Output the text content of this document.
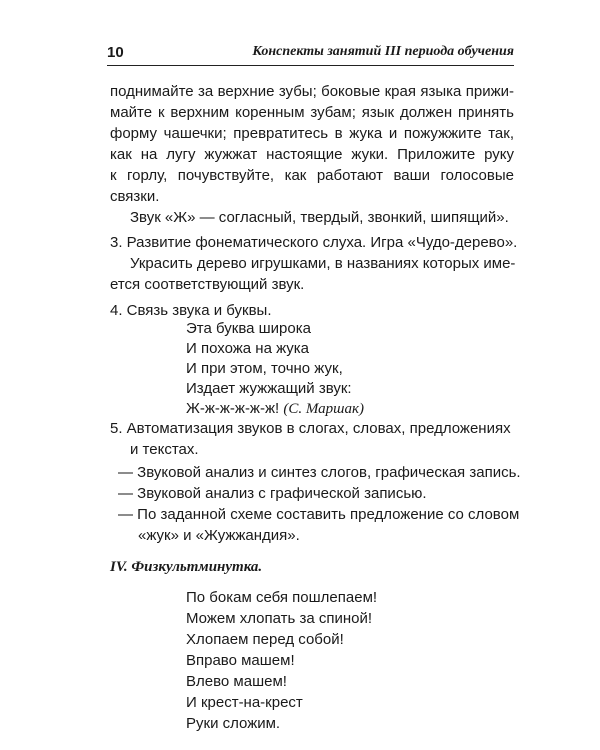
10	Конспекты занятий III периода обучения
поднимайте за верхние зубы; боковые края языка прижи-
майте к верхним коренным зубам; язык должен принять
форму чашечки; превратитесь в жука и пожужжите так,
как на лугу жужжат настоящие жуки. Приложите руку
к горлу, почувствуйте, как работают ваши голосовые
связки.
Звук «Ж» — согласный, твердый, звонкий, шипящий».
3. Развитие фонематического слуха. Игра «Чудо-дерево».
Украсить дерево игрушками, в названиях которых име-
ется соответствующий звук.
4. Связь звука и буквы.
Эта буква широка
И похожа на жука
И при этом, точно жук,
Издает жужжащий звук:
Ж-ж-ж-ж-ж-ж! (С. Маршак)
5. Автоматизация звуков в слогах, словах, предложениях
и текстах.
— Звуковой анализ и синтез слогов, графическая запись.
— Звуковой анализ с графической записью.
— По заданной схеме составить предложение со словом
«жук» и «Жужжандия».
IV. Физкультминутка.
По бокам себя пошлепаем!
Можем хлопать за спиной!
Хлопаем перед собой!
Вправо машем!
Влево машем!
И крест-на-крест
Руки сложим.
